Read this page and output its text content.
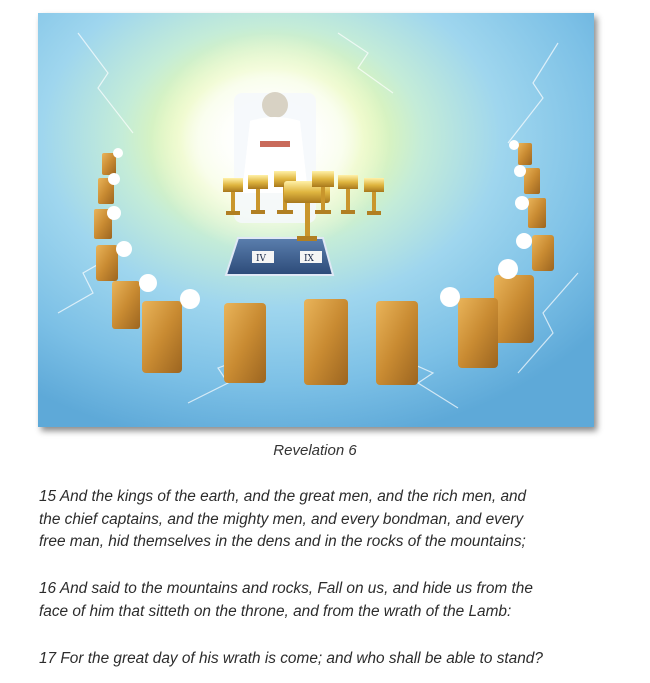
IV	IX
Revelation 6

15 And the kings of the earth, and the great men, and the rich men, and
the chief captains, and the mighty men, and every bondman, and every
free man, hid themselves in the dens and in the rocks of the mountains;

16 And said to the mountains and rocks, Fall on us, and hide us from the
face of him that sitteth on the throne, and from the wrath of the Lamb:

17 For the great day of his wrath is come; and who shall be able to stand?
